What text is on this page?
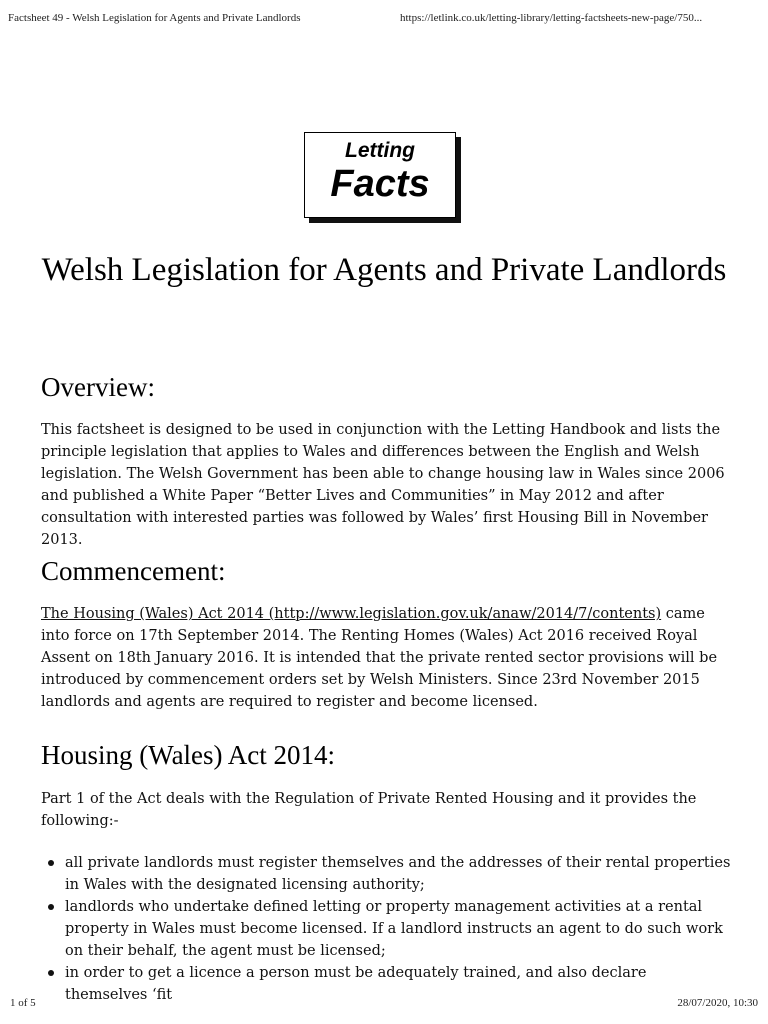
Factsheet 49 - Welsh Legislation for Agents and Private Landlords	https://letlink.co.uk/letting-library/letting-factsheets-new-page/750...
Letting
Facts
Welsh Legislation for Agents and Private Landlords
Overview:

This factsheet is designed to be used in conjunction with the Letting Handbook and lists the principle legislation that applies to Wales and differences between the English and Welsh legislation. The Welsh Government has been able to change housing law in Wales since 2006 and published a White Paper “Better Lives and Communities” in May 2012 and after consultation with interested parties was followed by Wales’ first Housing Bill in November 2013.

Commencement:

The Housing (Wales) Act 2014 (http://www.legislation.gov.uk/anaw/2014/7/contents) came into force on 17th September 2014. The Renting Homes (Wales) Act 2016 received Royal Assent on 18th January 2016. It is intended that the private rented sector provisions will be introduced by commencement orders set by Welsh Ministers. Since 23rd November 2015 landlords and agents are required to register and become licensed.

Housing (Wales) Act 2014:

Part 1 of the Act deals with the Regulation of Private Rented Housing and it provides the following:-

all private landlords must register themselves and the addresses of their rental properties in Wales with the designated licensing authority;
landlords who undertake defined letting or property management activities at a rental property in Wales must become licensed. If a landlord instructs an agent to do such work on their behalf, the agent must be licensed;
in order to get a licence a person must be adequately trained, and also declare themselves ‘fit
1 of 5	28/07/2020, 10:30
